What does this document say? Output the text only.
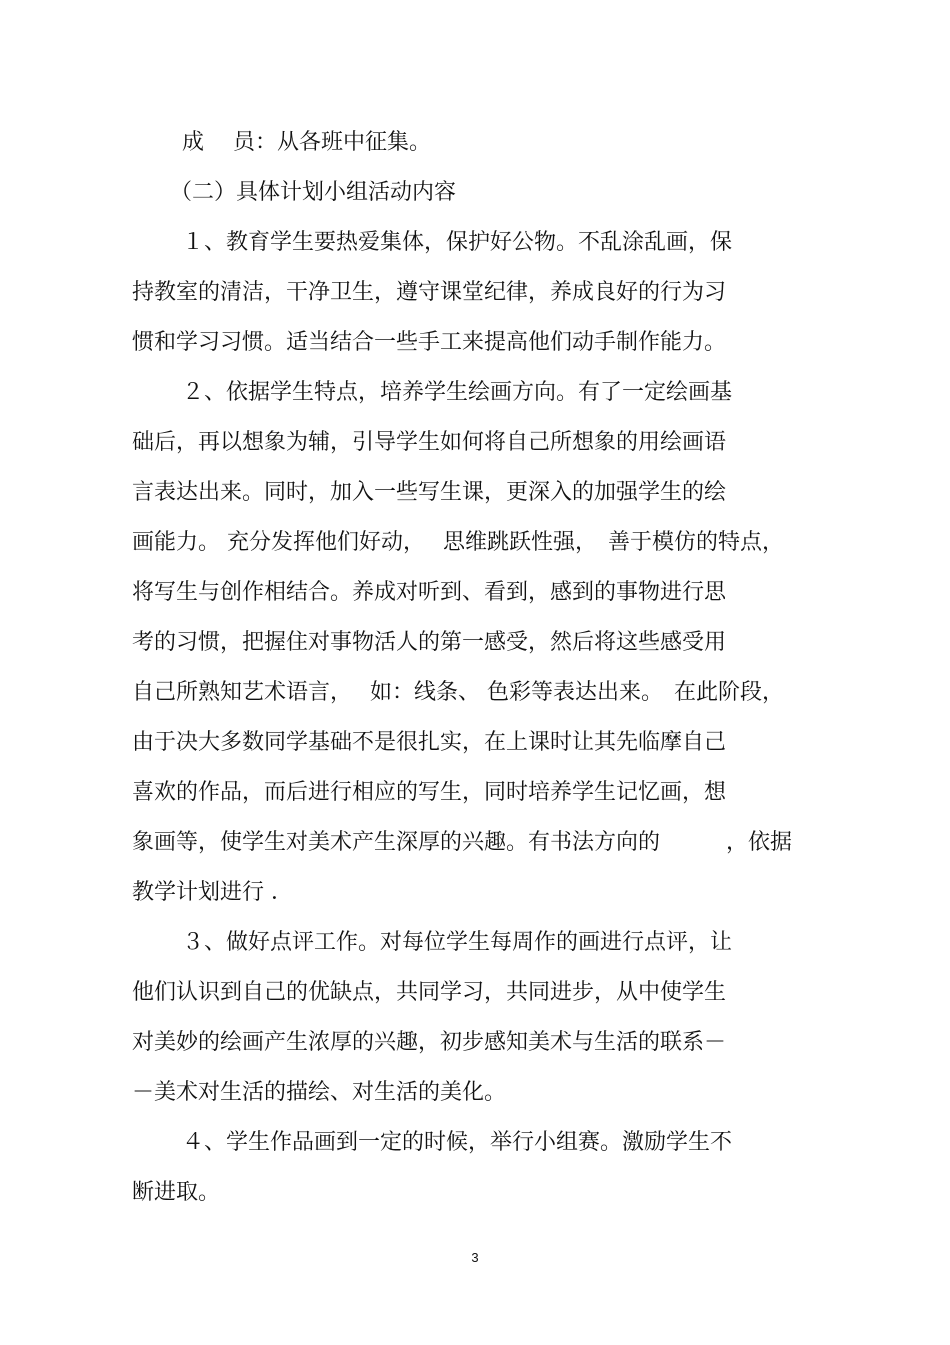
成　 员：从各班中征集。
（二）具体计划小组活动内容
１、教育学生要热爱集体，保护好公物。不乱涂乱画，保
持教室的清洁，干净卫生，遵守课堂纪律，养成良好的行为习
惯和学习习惯。适当结合一些手工来提高他们动手制作能力。
２、依据学生特点，培养学生绘画方向。有了一定绘画基
础后，再以想象为辅，引导学生如何将自己所想象的用绘画语
言表达出来。同时，加入一些写生课，更深入的加强学生的绘
画能力。 充分发挥他们好动，　 思维跳跃性强，　善于模仿的特点，
将写生与创作相结合。养成对听到、看到，感到的事物进行思
考的习惯，把握住对事物活人的第一感受，然后将这些感受用
自己所熟知艺术语言，　 如：线条、 色彩等表达出来。　在此阶段，
由于决大多数同学基础不是很扎实，在上课时让其先临摩自己
喜欢的作品，而后进行相应的写生，同时培养学生记忆画，想
象画等，使学生对美术产生深厚的兴趣。有书法方向的　　　，依据
教学计划进行 ．
３、做好点评工作。对每位学生每周作的画进行点评，让
他们认识到自己的优缺点，共同学习，共同进步，从中使学生
对美妙的绘画产生浓厚的兴趣，初步感知美术与生活的联系－
－美术对生活的描绘、对生活的美化。
４、学生作品画到一定的时候，举行小组赛。激励学生不
断进取。
3
